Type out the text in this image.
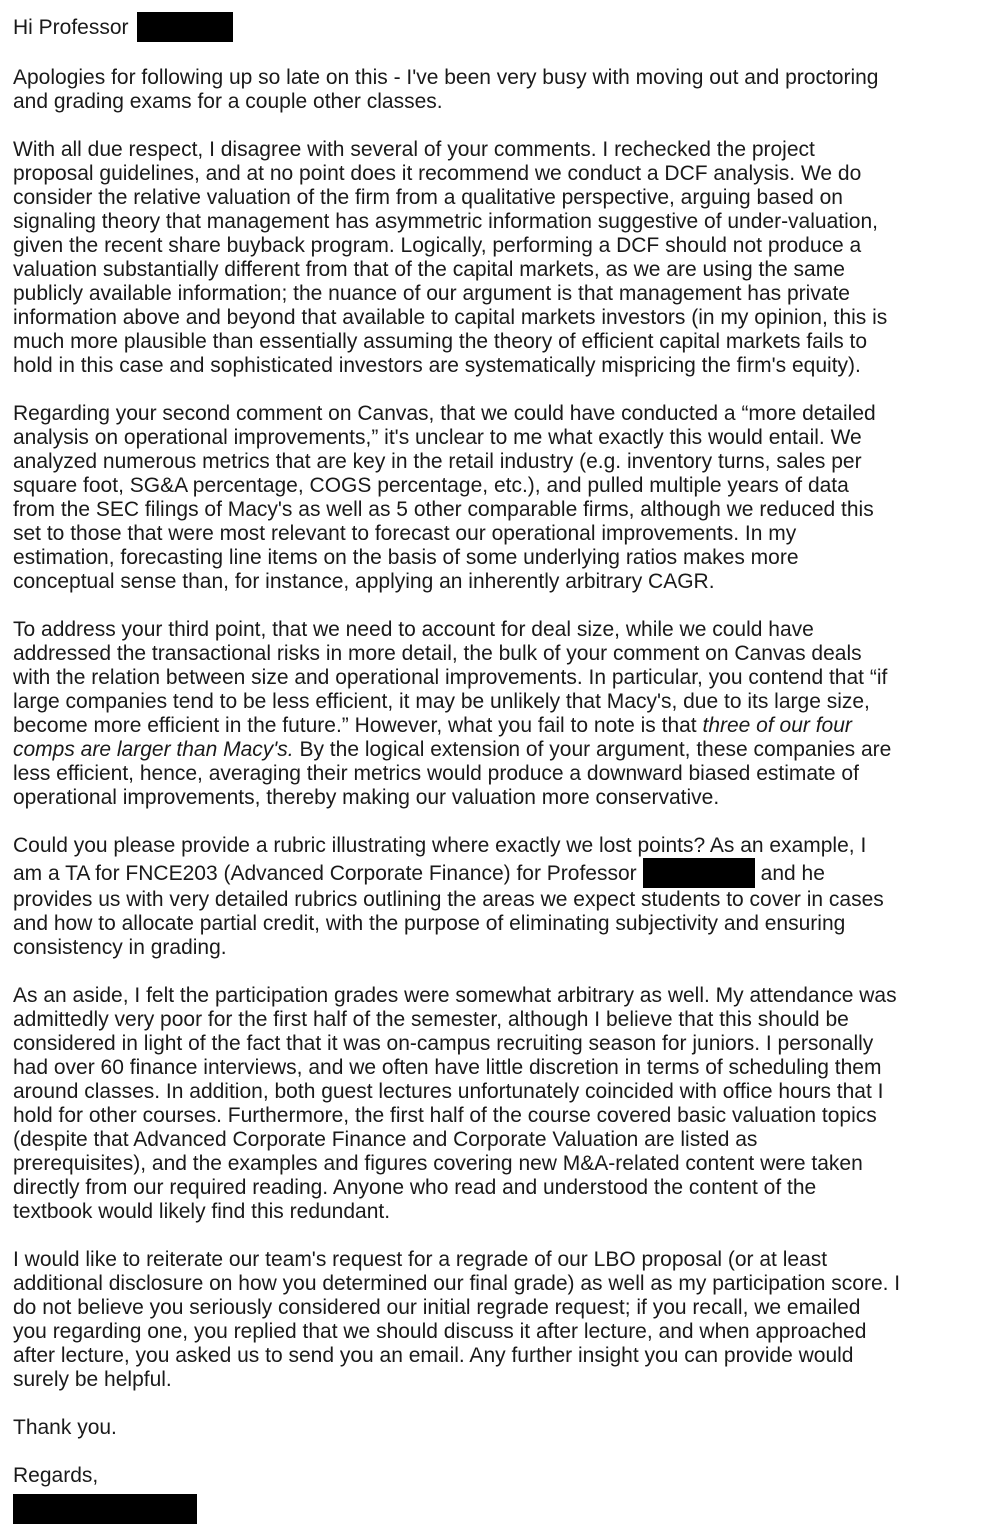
Hi Professor

Apologies for following up so late on this - I've been very busy with moving out and proctoring
and grading exams for a couple other classes.

With all due respect, I disagree with several of your comments. I rechecked the project
proposal guidelines, and at no point does it recommend we conduct a DCF analysis. We do
consider the relative valuation of the firm from a qualitative perspective, arguing based on
signaling theory that management has asymmetric information suggestive of under-valuation,
given the recent share buyback program. Logically, performing a DCF should not produce a
valuation substantially different from that of the capital markets, as we are using the same
publicly available information; the nuance of our argument is that management has private
information above and beyond that available to capital markets investors (in my opinion, this is
much more plausible than essentially assuming the theory of efficient capital markets fails to
hold in this case and sophisticated investors are systematically mispricing the firm's equity).

Regarding your second comment on Canvas, that we could have conducted a “more detailed
analysis on operational improvements,” it's unclear to me what exactly this would entail. We
analyzed numerous metrics that are key in the retail industry (e.g. inventory turns, sales per
square foot, SG&A percentage, COGS percentage, etc.), and pulled multiple years of data
from the SEC filings of Macy's as well as 5 other comparable firms, although we reduced this
set to those that were most relevant to forecast our operational improvements. In my
estimation, forecasting line items on the basis of some underlying ratios makes more
conceptual sense than, for instance, applying an inherently arbitrary CAGR.

To address your third point, that we need to account for deal size, while we could have
addressed the transactional risks in more detail, the bulk of your comment on Canvas deals
with the relation between size and operational improvements. In particular, you contend that “if
large companies tend to be less efficient, it may be unlikely that Macy's, due to its large size,
become more efficient in the future.” However, what you fail to note is that three of our four
comps are larger than Macy's. By the logical extension of your argument, these companies are
less efficient, hence, averaging their metrics would produce a downward biased estimate of
operational improvements, thereby making our valuation more conservative.

Could you please provide a rubric illustrating where exactly we lost points? As an example, I
am a TA for FNCE203 (Advanced Corporate Finance) for Professor	and he
provides us with very detailed rubrics outlining the areas we expect students to cover in cases
and how to allocate partial credit, with the purpose of eliminating subjectivity and ensuring
consistency in grading.

As an aside, I felt the participation grades were somewhat arbitrary as well. My attendance was
admittedly very poor for the first half of the semester, although I believe that this should be
considered in light of the fact that it was on-campus recruiting season for juniors. I personally
had over 60 finance interviews, and we often have little discretion in terms of scheduling them
around classes. In addition, both guest lectures unfortunately coincided with office hours that I
hold for other courses. Furthermore, the first half of the course covered basic valuation topics
(despite that Advanced Corporate Finance and Corporate Valuation are listed as
prerequisites), and the examples and figures covering new M&A-related content were taken
directly from our required reading. Anyone who read and understood the content of the
textbook would likely find this redundant.

I would like to reiterate our team's request for a regrade of our LBO proposal (or at least
additional disclosure on how you determined our final grade) as well as my participation score. I
do not believe you seriously considered our initial regrade request; if you recall, we emailed
you regarding one, you replied that we should discuss it after lecture, and when approached
after lecture, you asked us to send you an email. Any further insight you can provide would
surely be helpful.

Thank you.

Regards,
